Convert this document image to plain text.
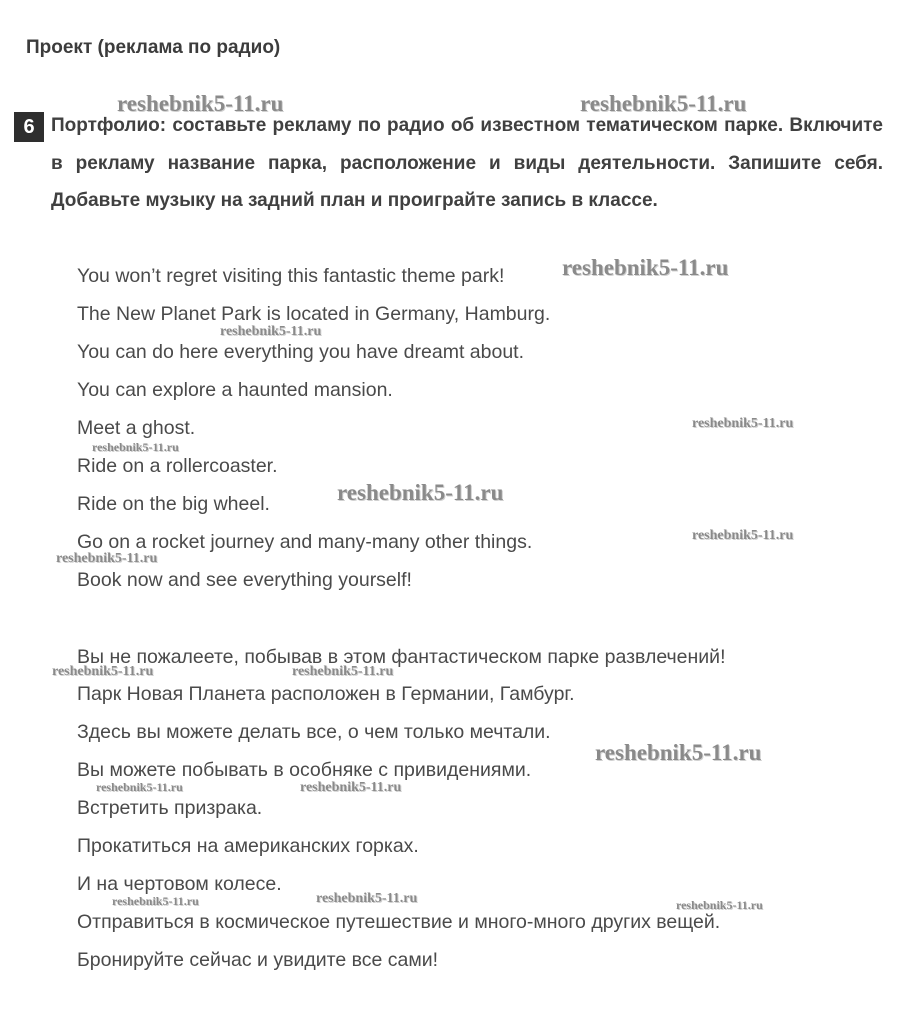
Проект (реклама по радио)
6 Портфолио: составьте рекламу по радио об известном тематическом парке. Включите в рекламу название парка, расположение и виды деятельности. Запишите себя. Добавьте музыку на задний план и проиграйте запись в классе.

You won’t regret visiting this fantastic theme park!

The New Planet Park is located in Germany, Hamburg.

You can do here everything you have dreamt about.

You can explore a haunted mansion.

Meet a ghost.

Ride on a rollercoaster.

Ride on the big wheel.

Go on a rocket journey and many-many other things.

Book now and see everything yourself!

Вы не пожалеете, побывав в этом фантастическом парке развлечений!

Парк Новая Планета расположен в Германии, Гамбург.

Здесь вы можете делать все, о чем только мечтали.

Вы можете побывать в особняке с привидениями.

Встретить призрака.

Прокатиться на американских горках.

И на чертовом колесе.

Отправиться в космическое путешествие и много-много других вещей.

Бронируйте сейчас и увидите все сами!

reshebnik5-11.ru	reshebnik5-11.ru
reshebnik5-11.ru
reshebnik5-11.ru
reshebnik5-11.ru
reshebnik5-11.ru
reshebnik5-11.ru
reshebnik5-11.ru
reshebnik5-11.ru
reshebnik5-11.ru	reshebnik5-11.ru
reshebnik5-11.ru
reshebnik5-11.ru	reshebnik5-11.ru
reshebnik5-11.ru	reshebnik5-11.ru	reshebnik5-11.ru
